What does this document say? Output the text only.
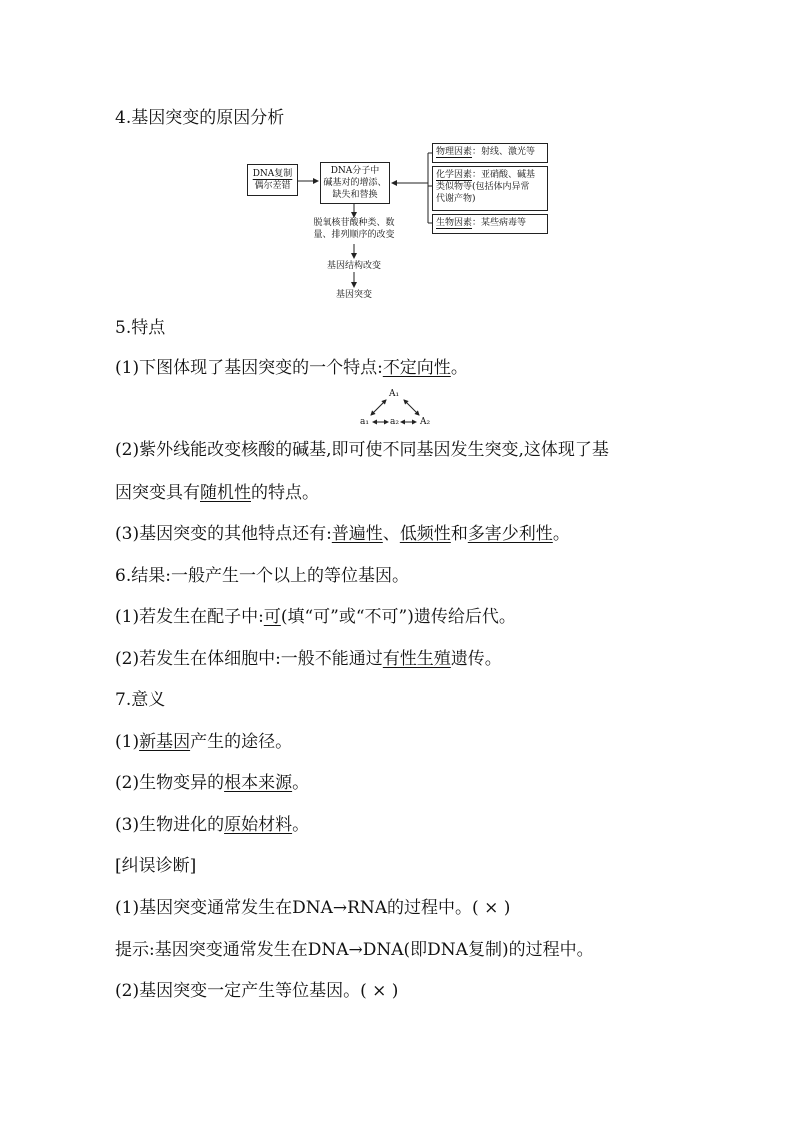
4.基因突变的原因分析
DNA复制
偶尔差错
DNA分子中
碱基对的增添、
缺失和替换
物理因素：射线、激光等
化学因素：亚硝酸、碱基
类似物等(包括体内异常
代谢产物)
生物因素：某些病毒等
脱氧核苷酸种类、数
量、排列顺序的改变
基因结构改变
基因突变
5.特点
(1)下图体现了基因突变的一个特点:不定向性。
A₁
a₁ a₂ A₂
(2)紫外线能改变核酸的碱基,即可使不同基因发生突变,这体现了基
因突变具有随机性的特点。
(3)基因突变的其他特点还有:普遍性、低频性和多害少利性。
6.结果:一般产生一个以上的等位基因。
(1)若发生在配子中:可(填“可”或“不可”)遗传给后代。
(2)若发生在体细胞中:一般不能通过有性生殖遗传。
7.意义
(1)新基因产生的途径。
(2)生物变异的根本来源。
(3)生物进化的原始材料。
[纠误诊断]
(1)基因突变通常发生在DNA→RNA的过程中。( × )
提示:基因突变通常发生在DNA→DNA(即DNA复制)的过程中。
(2)基因突变一定产生等位基因。( × )
